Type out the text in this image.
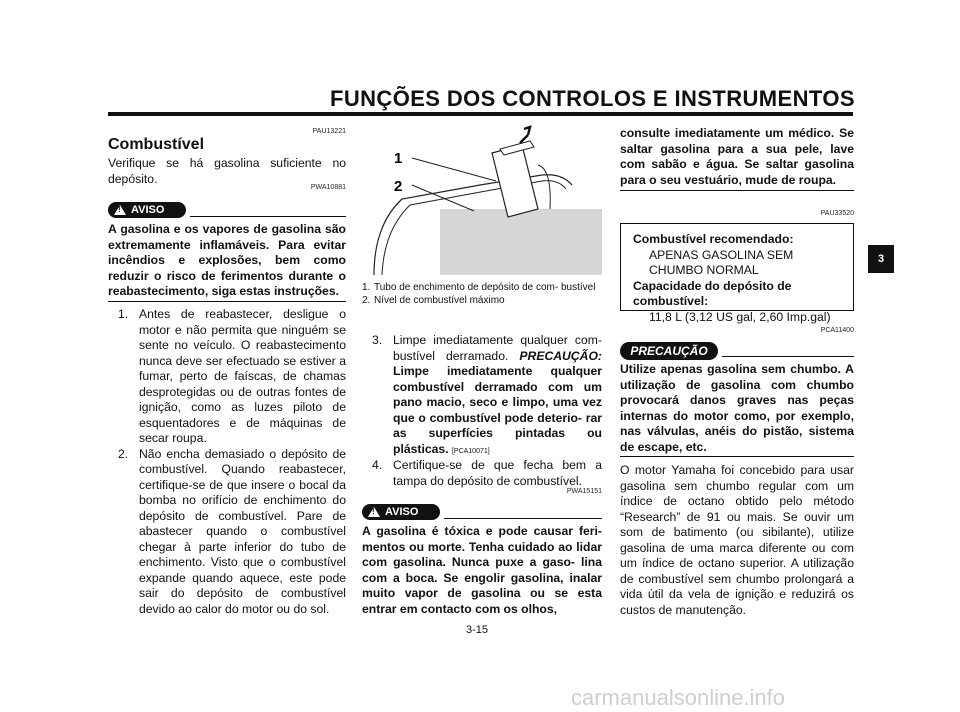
FUNÇÕES DOS CONTROLOS E INSTRUMENTOS
3
PAU13221
Combustível
Verifique se há gasolina suficiente no depósito.
PWA10881
!
AVISO
A gasolina e os vapores de gasolina são extremamente inflamáveis. Para evitar incêndios e explosões, bem como reduzir o risco de ferimentos durante o reabastecimento, siga estas instruções.
1. Antes de reabastecer, desligue o motor e não permita que ninguém se sente no veículo. O reabastecimento nunca deve ser efectuado se estiver a fumar, perto de faíscas, de chamas desprotegidas ou de outras fontes de ignição, como as luzes piloto de esquentadores e de máquinas de secar roupa.
2. Não encha demasiado o depósito de combustível. Quando reabastecer, certifique-se de que insere o bocal da bomba no orifício de enchimento do depósito de combustível. Pare de abastecer quando o combustível chegar à parte inferior do tubo de enchimento. Visto que o combustível expande quando aquece, este pode sair do depósito de combustível devido ao calor do motor ou do sol.
1
2
1. Tubo de enchimento de depósito de com- bustível
2. Nível de combustível máximo
3. Limpe imediatamente qualquer com- bustível derramado. PRECAUÇÃO: Limpe imediatamente qualquer combustível derramado com um pano macio, seco e limpo, uma vez que o combustível pode deterio- rar as superfícies pintadas ou plásticas. [PCA10071]
4. Certifique-se de que fecha bem a tampa do depósito de combustível.
PWA15151
!
AVISO
A gasolina é tóxica e pode causar feri- mentos ou morte. Tenha cuidado ao lidar com gasolina. Nunca puxe a gaso- lina com a boca. Se engolir gasolina, inalar muito vapor de gasolina ou se esta entrar em contacto com os olhos,
consulte imediatamente um médico. Se saltar gasolina para a sua pele, lave com sabão e água. Se saltar gasolina para o seu vestuário, mude de roupa.
PAU33520
Combustível recomendado:
APENAS GASOLINA SEM
CHUMBO NORMAL
Capacidade do depósito de
combustível:
11,8 L (3,12 US gal, 2,60 Imp.gal)
PCA11400
PRECAUÇÃO
Utilize apenas gasolina sem chumbo. A utilização de gasolina com chumbo provocará danos graves nas peças internas do motor como, por exemplo, nas válvulas, anéis do pistão, sistema de escape, etc.
O motor Yamaha foi concebido para usar gasolina sem chumbo regular com um índice de octano obtido pelo método “Research” de 91 ou mais. Se ouvir um som de batimento (ou sibilante), utilize gasolina de uma marca diferente ou com um índice de octano superior. A utilização de combustível sem chumbo prolongará a vida útil da vela de ignição e reduzirá os custos de manutenção.
3-15
carmanualsonline.info
